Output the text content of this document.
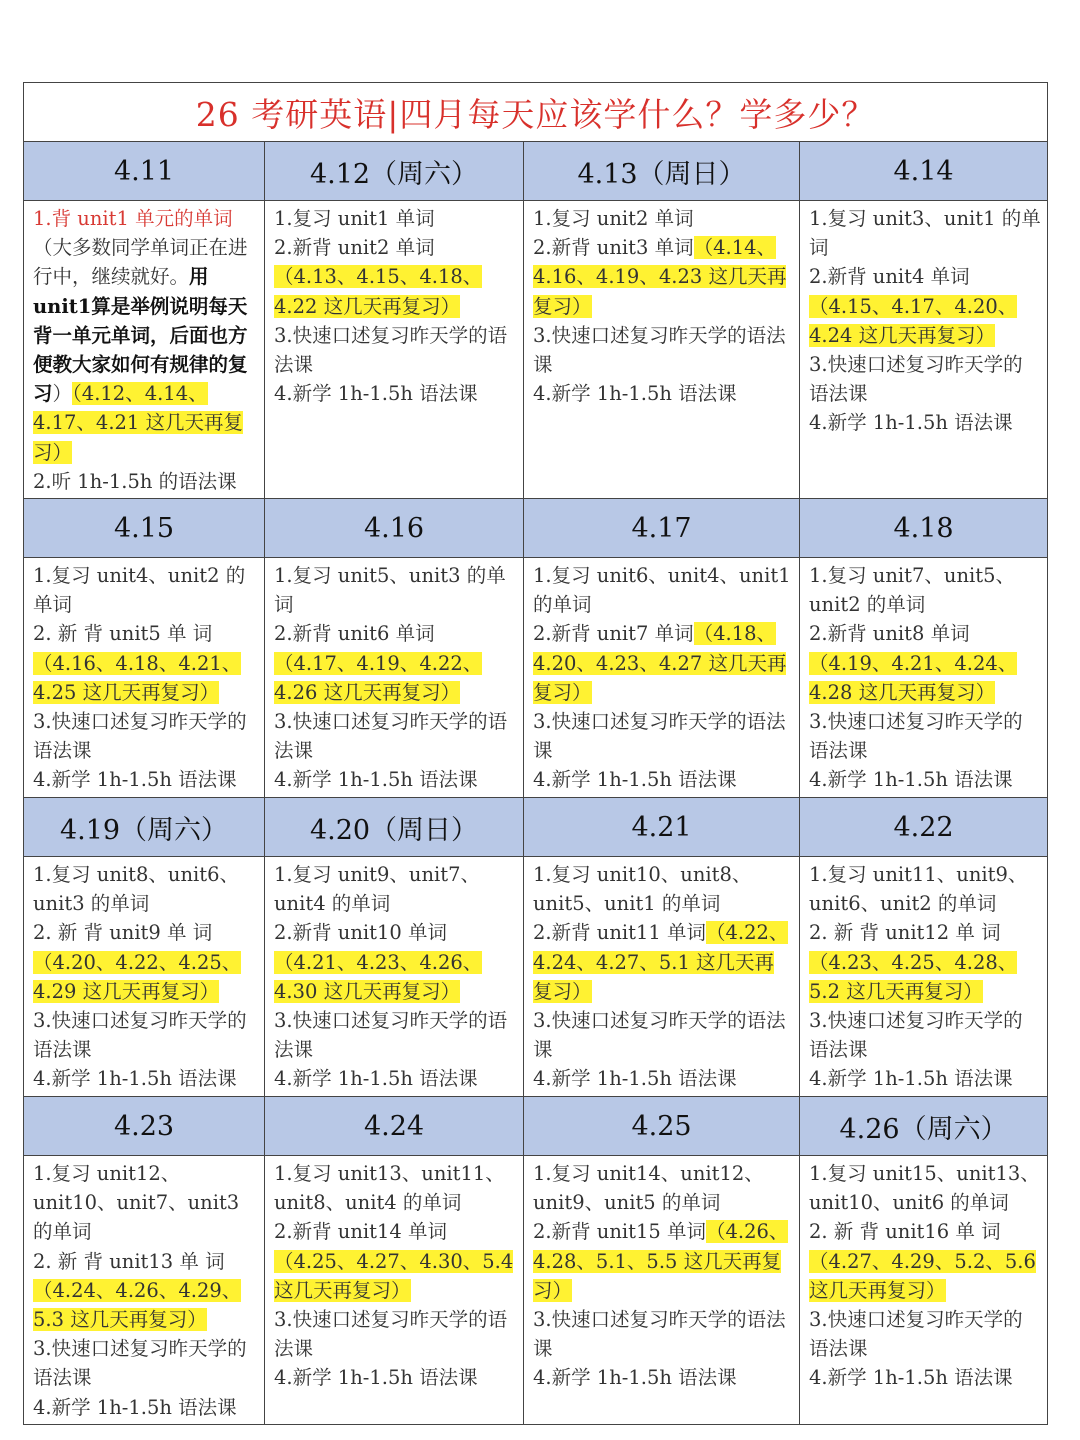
26 考研英语|四月每天应该学什么？学多少？			
4.11	4.12（周六）	4.13（周日）	4.14

1.背 unit1 单元的单词（大多数同学单词正在进行中，继续就好。用unit1算是举例说明每天背一单元单词，后面也方便教大家如何有规律的复习）（4.12、4.14、4.17、4.21 这几天再复习）
2.听 1h-1.5h 的语法课	1.复习 unit1 单词
2.新背 unit2 单词（4.13、4.15、4.18、4.22 这几天再复习）
3.快速口述复习昨天学的语法课
4.新学 1h-1.5h 语法课	1.复习 unit2 单词
2.新背 unit3 单词（4.14、4.16、4.19、4.23 这几天再复习）
3.快速口述复习昨天学的语法课
4.新学 1h-1.5h 语法课	1.复习 unit3、unit1 的单词
2.新背 unit4 单词（4.15、4.17、4.20、4.24 这几天再复习）
3.快速口述复习昨天学的语法课
4.新学 1h-1.5h 语法课

4.15	4.16	4.17	4.18

1.复习 unit4、unit2 的单词
2. 新 背 unit5 单 词（4.16、4.18、4.21、4.25 这几天再复习）
3.快速口述复习昨天学的语法课
4.新学 1h-1.5h 语法课	1.复习 unit5、unit3 的单词
2.新背 unit6 单词（4.17、4.19、4.22、4.26 这几天再复习）
3.快速口述复习昨天学的语法课
4.新学 1h-1.5h 语法课	1.复习 unit6、unit4、unit1 的单词
2.新背 unit7 单词（4.18、4.20、4.23、4.27 这几天再复习）
3.快速口述复习昨天学的语法课
4.新学 1h-1.5h 语法课	1.复习 unit7、unit5、unit2 的单词
2.新背 unit8 单词（4.19、4.21、4.24、4.28 这几天再复习）
3.快速口述复习昨天学的语法课
4.新学 1h-1.5h 语法课

4.19（周六）	4.20（周日）	4.21	4.22

1.复习 unit8、unit6、unit3 的单词
2. 新 背 unit9 单 词（4.20、4.22、4.25、4.29 这几天再复习）
3.快速口述复习昨天学的语法课
4.新学 1h-1.5h 语法课	1.复习 unit9、unit7、unit4 的单词
2.新背 unit10 单词（4.21、4.23、4.26、4.30 这几天再复习）
3.快速口述复习昨天学的语法课
4.新学 1h-1.5h 语法课	1.复习 unit10、unit8、unit5、unit1 的单词
2.新背 unit11 单词（4.22、4.24、4.27、5.1 这几天再复习）
3.快速口述复习昨天学的语法课
4.新学 1h-1.5h 语法课	1.复习 unit11、unit9、unit6、unit2 的单词
2. 新 背 unit12 单 词（4.23、4.25、4.28、5.2 这几天再复习）
3.快速口述复习昨天学的语法课
4.新学 1h-1.5h 语法课

4.23	4.24	4.25	4.26（周六）

1.复习 unit12、unit10、unit7、unit3 的单词
2. 新 背 unit13 单 词（4.24、4.26、4.29、5.3 这几天再复习）
3.快速口述复习昨天学的语法课
4.新学 1h-1.5h 语法课	1.复习 unit13、unit11、unit8、unit4 的单词
2.新背 unit14 单词（4.25、4.27、4.30、5.4 这几天再复习）
3.快速口述复习昨天学的语法课
4.新学 1h-1.5h 语法课	1.复习 unit14、unit12、unit9、unit5 的单词
2.新背 unit15 单词（4.26、4.28、5.1、5.5 这几天再复习）
3.快速口述复习昨天学的语法课
4.新学 1h-1.5h 语法课	1.复习 unit15、unit13、unit10、unit6 的单词
2. 新 背 unit16 单 词（4.27、4.29、5.2、5.6 这几天再复习）
3.快速口述复习昨天学的语法课
4.新学 1h-1.5h 语法课
